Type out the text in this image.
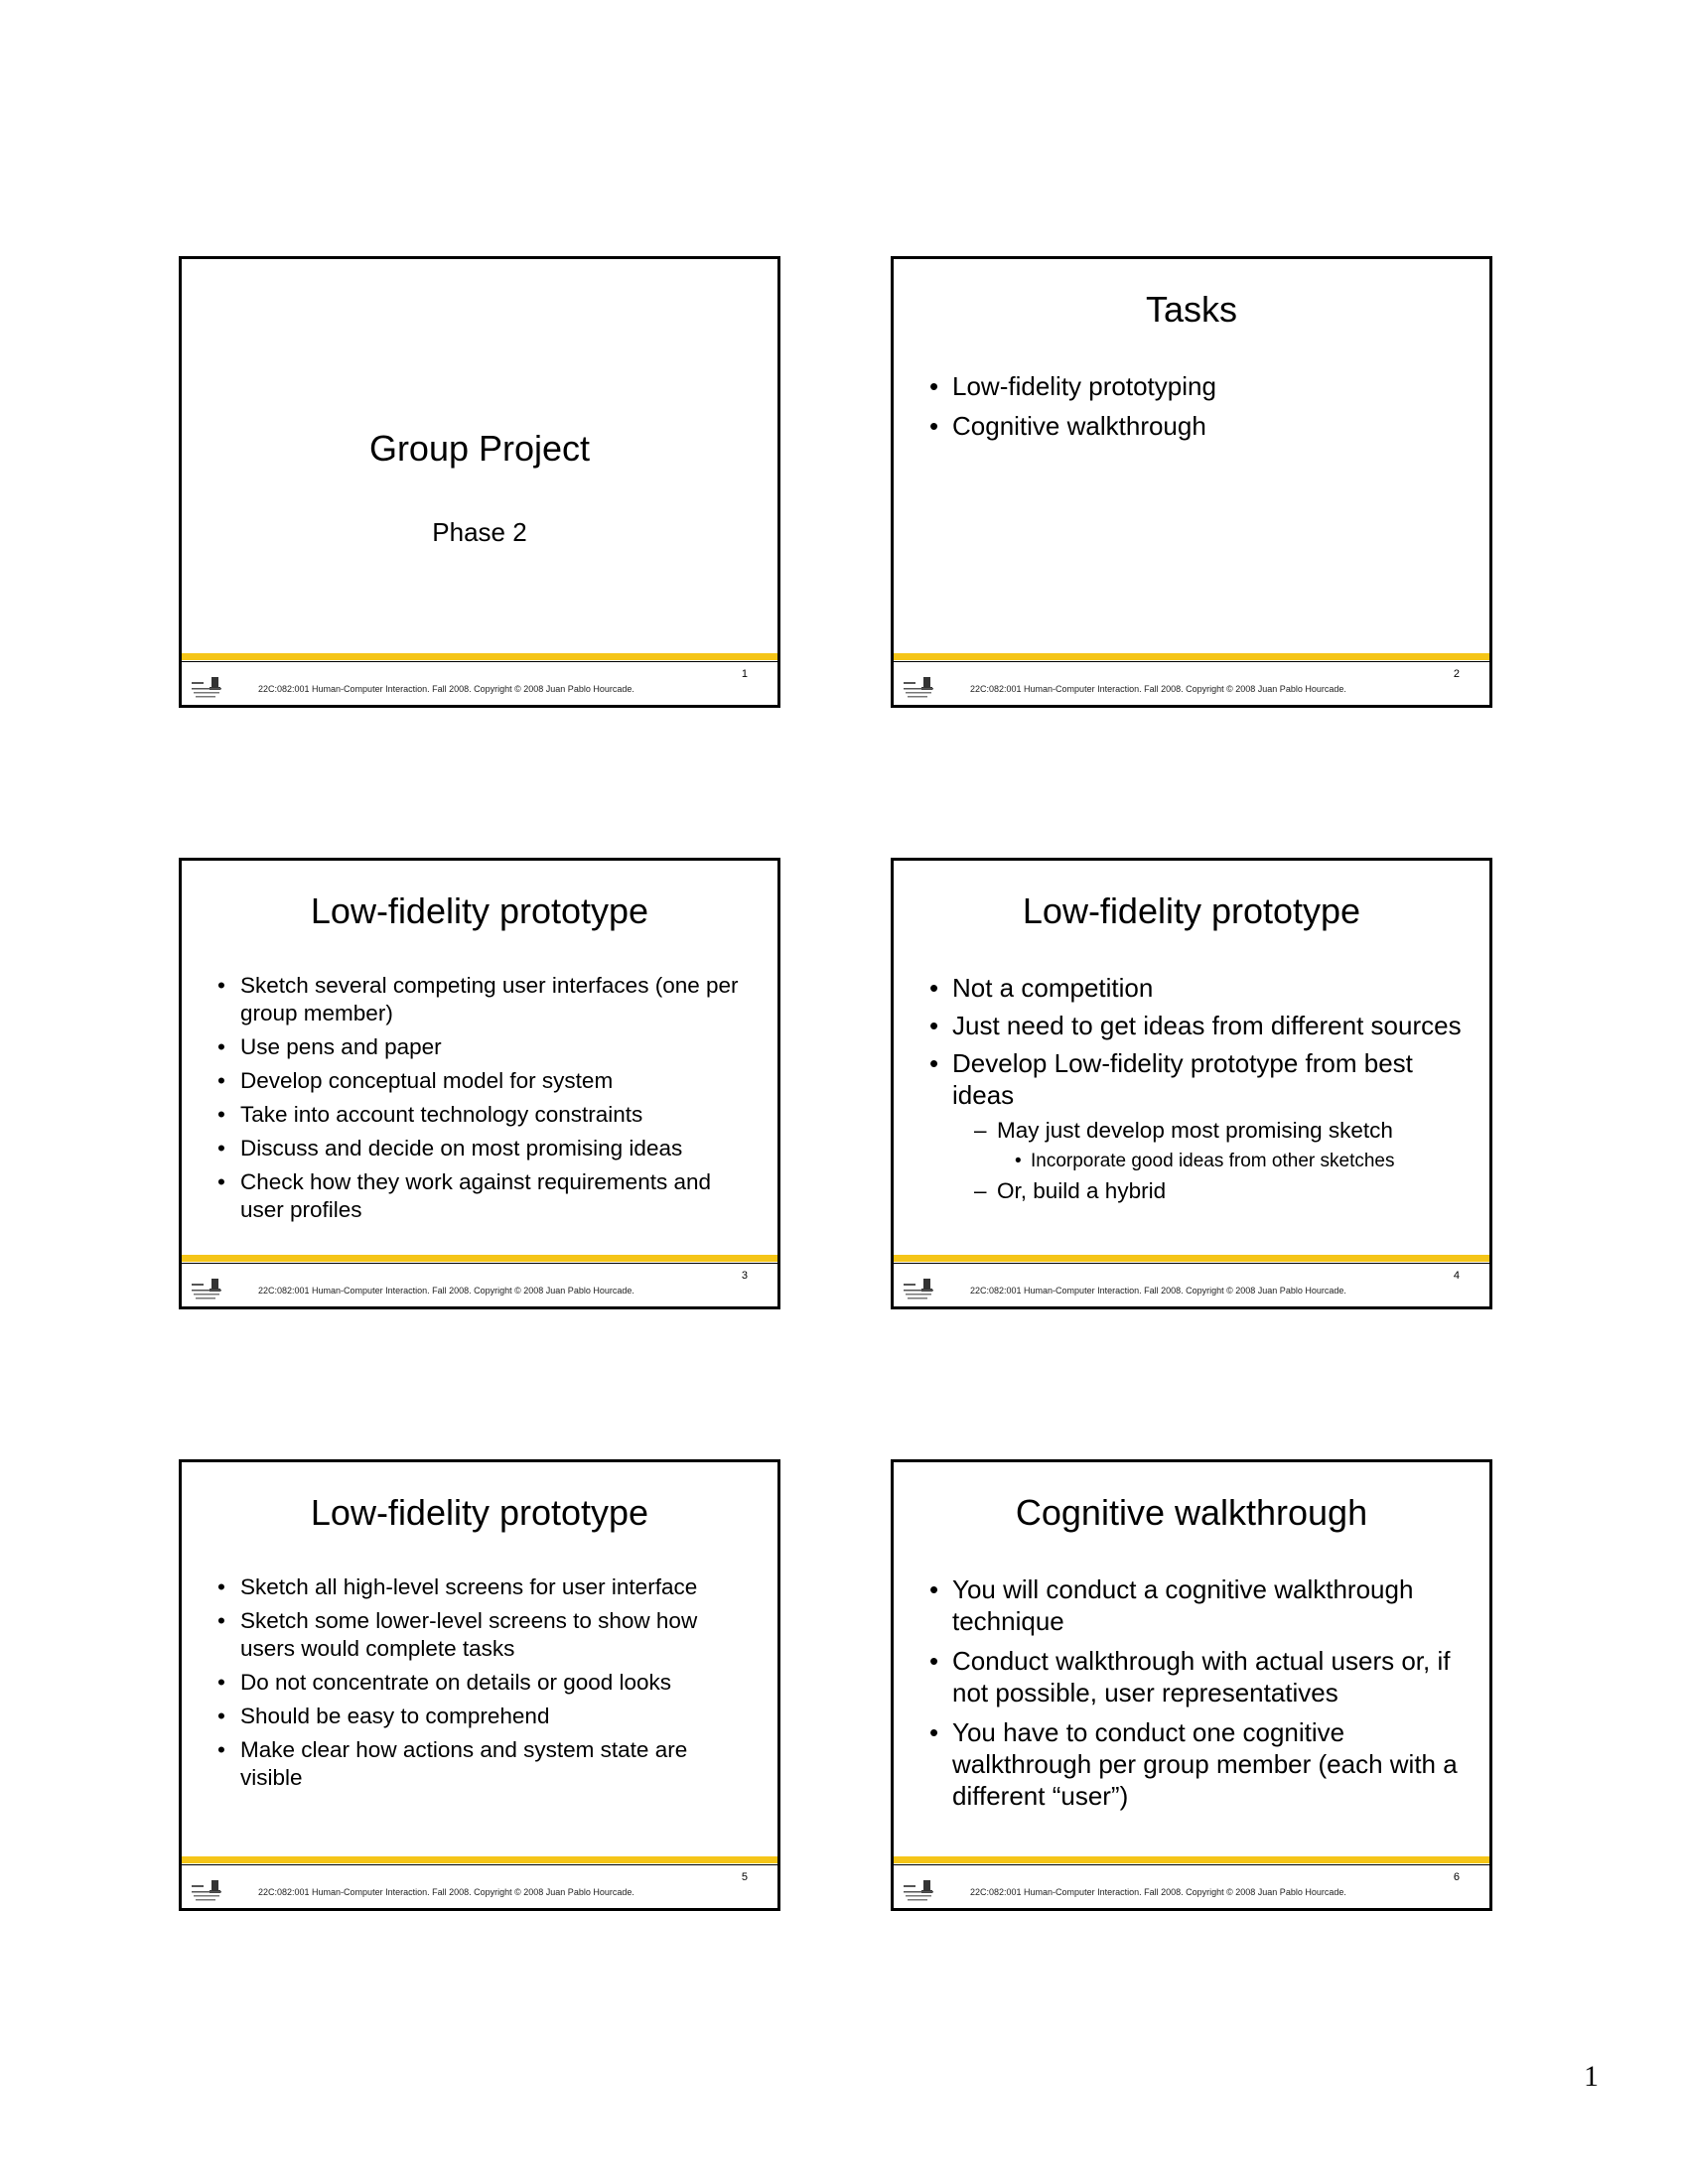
Group Project
Phase 2
1
22C:082:001 Human-Computer Interaction. Fall 2008. Copyright © 2008 Juan Pablo Hourcade.
Tasks
• Low-fidelity prototyping
• Cognitive walkthrough
2
22C:082:001 Human-Computer Interaction. Fall 2008. Copyright © 2008 Juan Pablo Hourcade.
Low-fidelity prototype
• Sketch several competing user interfaces (one per group member)
• Use pens and paper
• Develop conceptual model for system
• Take into account technology constraints
• Discuss and decide on most promising ideas
• Check how they work against requirements and user profiles
3
22C:082:001 Human-Computer Interaction. Fall 2008. Copyright © 2008 Juan Pablo Hourcade.
Low-fidelity prototype
• Not a competition
• Just need to get ideas from different sources
• Develop Low-fidelity prototype from best ideas
– May just develop most promising sketch
• Incorporate good ideas from other sketches
– Or, build a hybrid
4
22C:082:001 Human-Computer Interaction. Fall 2008. Copyright © 2008 Juan Pablo Hourcade.
Low-fidelity prototype
• Sketch all high-level screens for user interface
• Sketch some lower-level screens to show how users would complete tasks
• Do not concentrate on details or good looks
• Should be easy to comprehend
• Make clear how actions and system state are visible
5
22C:082:001 Human-Computer Interaction. Fall 2008. Copyright © 2008 Juan Pablo Hourcade.
Cognitive walkthrough
• You will conduct a cognitive walkthrough technique
• Conduct walkthrough with actual users or, if not possible, user representatives
• You have to conduct one cognitive walkthrough per group member (each with a different “user”)
6
22C:082:001 Human-Computer Interaction. Fall 2008. Copyright © 2008 Juan Pablo Hourcade.
1
